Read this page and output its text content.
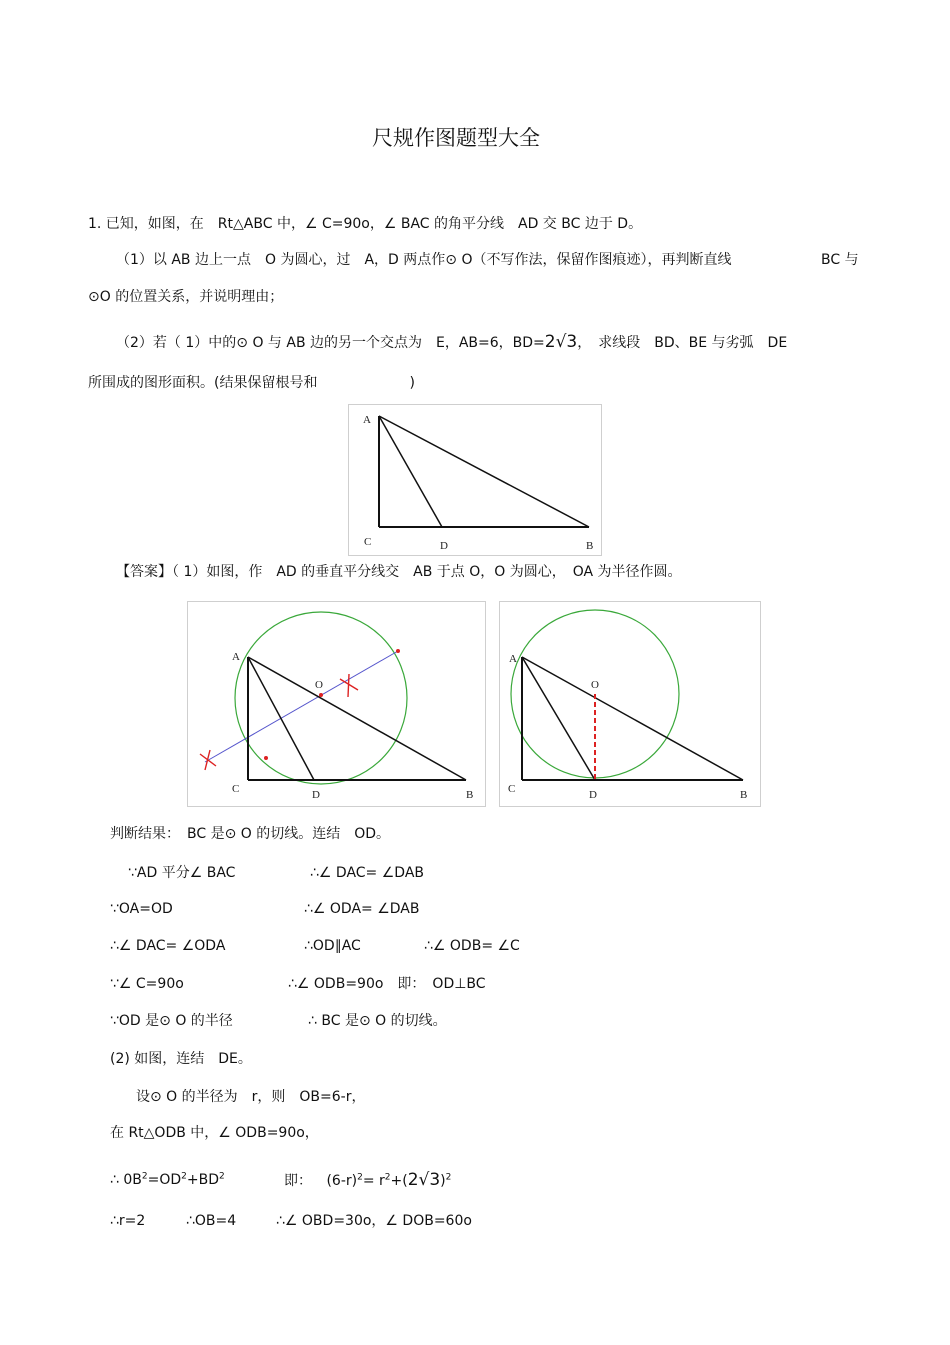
尺规作图题型大全
1. 已知，如图，在　Rt△ABC 中，∠ C=90o，∠ BAC 的角平分线　AD 交 BC 边于 D。
（1）以 AB 边上一点　O 为圆心，过　A，D 两点作⊙ O（不写作法，保留作图痕迹），再判断直线	BC 与
⊙O 的位置关系，并说明理由；
（2）若（ 1）中的⊙ O 与 AB 边的另一个交点为　E，AB=6，BD=2√3，　求线段　BD、BE 与劣弧　DE
所围成的图形面积。(结果保留根号和	)
A
C	D	B
【答案】（ 1）如图，作　AD 的垂直平分线交　AB 于点 O，O 为圆心，　OA 为半径作圆。
A
O
C	D	B
A
O
C	D	B
判断结果：　BC 是⊙ O 的切线。连结　OD。
∵AD 平分∠ BAC	∴∠ DAC= ∠DAB
∵OA=OD	∴∠ ODA= ∠DAB
∴∠ DAC= ∠ODA	∴OD∥AC	∴∠ ODB= ∠C
∵∠ C=90o	∴∠ ODB=90o　即：　OD⊥BC
∵OD 是⊙ O 的半径	∴ BC 是⊙ O 的切线。
(2) 如图，连结　DE。
设⊙ O 的半径为　r，则　OB=6-r，
在 Rt△ODB 中，∠ ODB=90o，
∴ $0B^2=OD^2+BD^2$	即： $(6-r)^2= r^2+(2√3)^2$
∴r=2	∴OB=4	∴∠ OBD=30o，∠ DOB=60o
